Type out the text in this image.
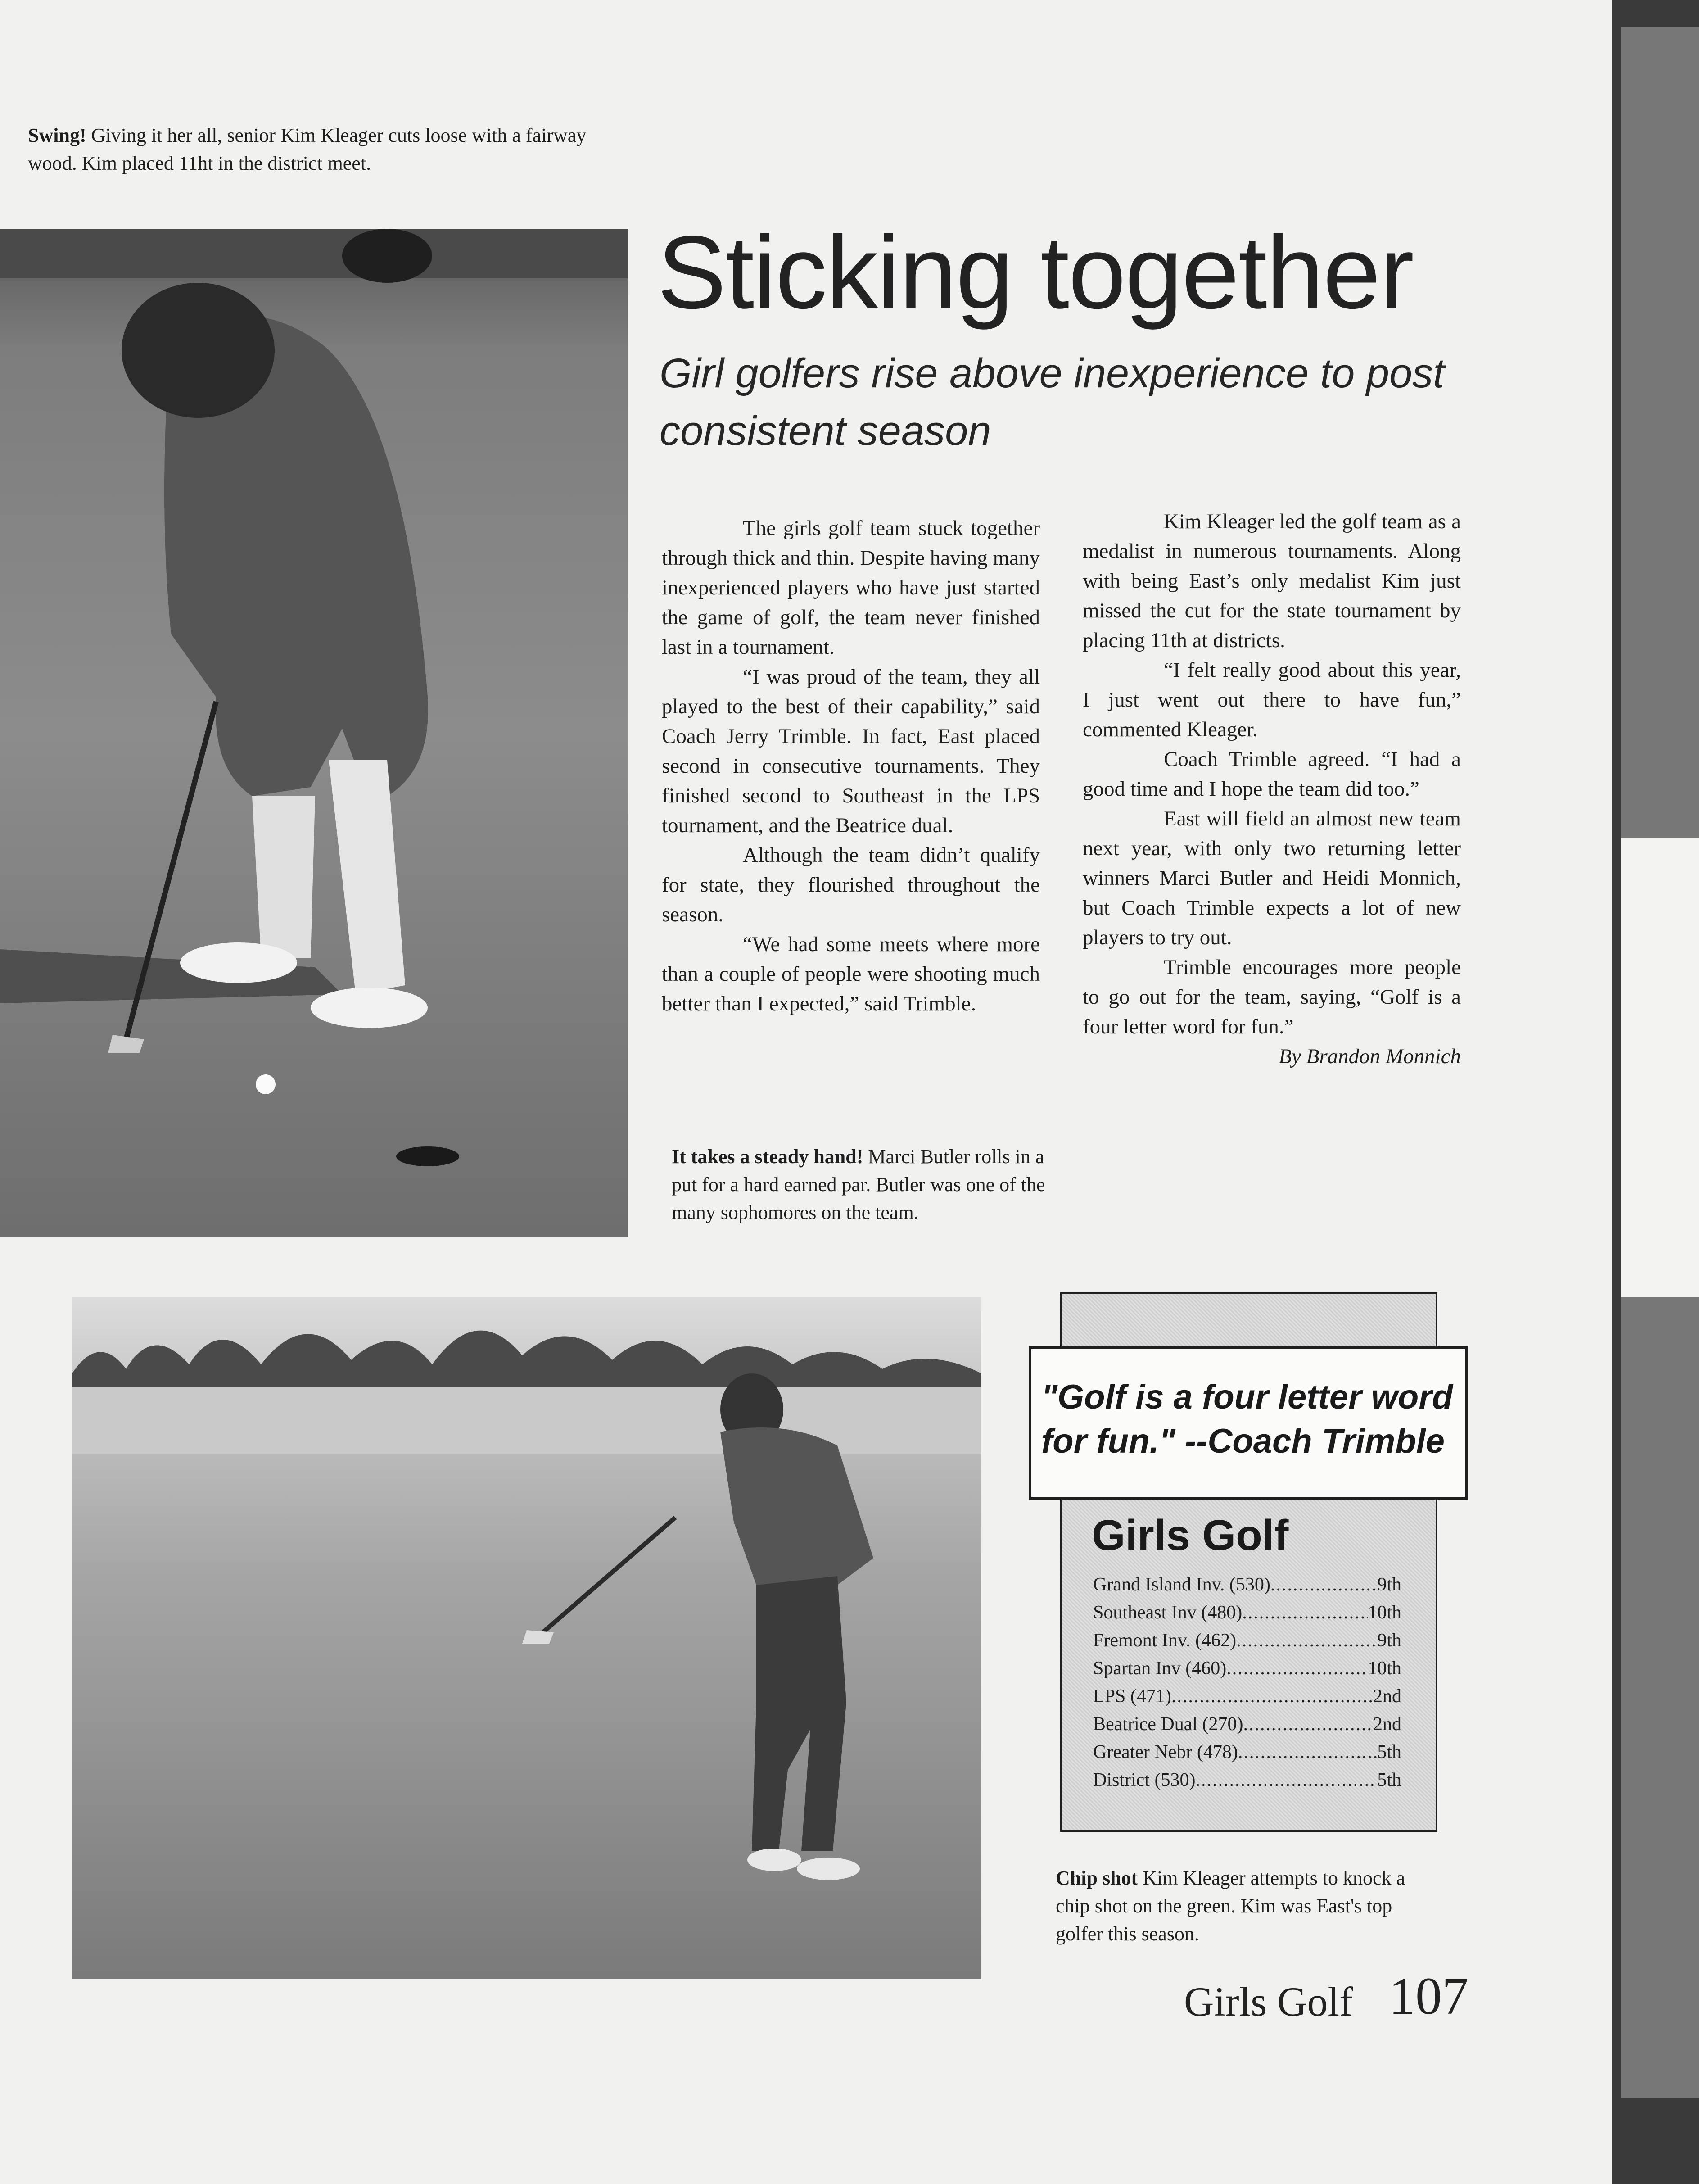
Swing! Giving it her all, senior Kim Kleager cuts loose with a fairway wood. Kim placed 11ht in the district meet.
Sticking together
Girl golfers rise above inexperience to post consistent season

The girls golf team stuck together through thick and thin. Despite having many inexperienced players who have just started the game of golf, the team never finished last in a tournament.

“I was proud of the team, they all played to the best of their capability,” said Coach Jerry Trimble. In fact, East placed second in consecutive tournaments. They finished second to Southeast in the LPS tournament, and the Beatrice dual.

Although the team didn’t qualify for state, they flourished throughout the season.

“We had some meets where more than a couple of people were shooting much better than I expected,” said Trimble.

Kim Kleager led the golf team as a medalist in numerous tournaments. Along with being East’s only medalist Kim just missed the cut for the state tournament by placing 11th at districts.

“I felt really good about this year, I just went out there to have fun,” commented Kleager.

Coach Trimble agreed. “I had a good time and I hope the team did too.”

East will field an almost new team next year, with only two returning letter winners Marci Butler and Heidi Monnich, but Coach Trimble expects a lot of new players to try out.

Trimble encourages more people to go out for the team, saying, “Golf is a four letter word for fun.”

By Brandon Monnich

It takes a steady hand! Marci Butler rolls in a put for a hard earned par. Butler was one of the many sophomores on the team.
"Golf is a four letter word for fun." --Coach Trimble
Girls Golf
Grand Island Inv. (530) .....	9th
Southeast Inv (480) .....	10th
Fremont Inv. (462) .....	9th
Spartan Inv (460) .....	10th
LPS (471) .....	2nd
Beatrice Dual (270) .....	2nd
Greater Nebr (478) .....	5th
District (530) .....	5th
Chip shot Kim Kleager attempts to knock a chip shot on the green. Kim was East's top golfer this season.
Girls Golf 107
